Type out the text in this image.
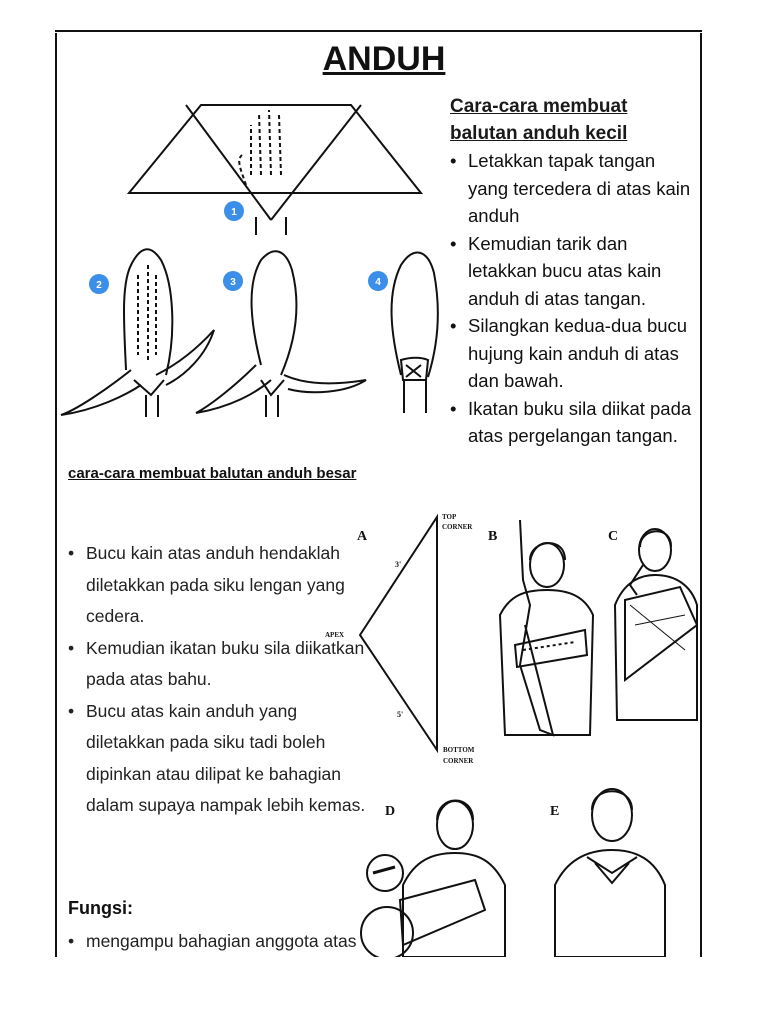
ANDUH
1
2	3	4
Cara-cara membuat balutan anduh kecil
• Letakkan tapak tangan yang tercedera di atas kain anduh
• Kemudian tarik dan letakkan bucu atas kain anduh di atas tangan.
• Silangkan kedua-dua bucu hujung kain anduh di atas dan bawah.
• Ikatan buku sila diikat pada atas pergelangan tangan.
cara-cara membuat balutan anduh besar
• Bucu kain atas anduh hendaklah diletakkan pada siku lengan yang cedera.
• Kemudian ikatan buku sila diikatkan pada atas bahu.
• Bucu atas kain anduh yang diletakkan pada siku tadi boleh dipinkan atau dilipat ke bahagian dalam supaya nampak lebih kemas.
Fungsi:
• mengampu bahagian anggota atas
A
TOP
CORNER
APEX
BOTTOM
CORNER
3'
5'
B	C
D	E
